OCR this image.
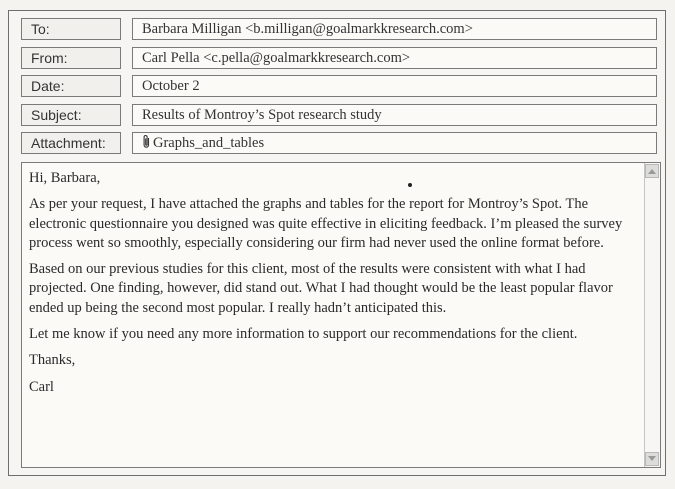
To:	Barbara Milligan <b.milligan@goalmarkkresearch.com>
From:	Carl Pella <c.pella@goalmarkkresearch.com>
Date:	October 2
Subject:	Results of Montroy’s Spot research study
Attachment:	Graphs_and_tables

Hi, Barbara,

As per your request, I have attached the graphs and tables for the report for Montroy’s Spot. The electronic questionnaire you designed was quite effective in eliciting feedback. I’m pleased the survey process went so smoothly, especially considering our firm had never used the online format before.

Based on our previous studies for this client, most of the results were consistent with what I had projected. One finding, however, did stand out. What I had thought would be the least popular flavor ended up being the second most popular. I really hadn’t anticipated this.

Let me know if you need any more information to support our recommendations for the client.

Thanks,

Carl
